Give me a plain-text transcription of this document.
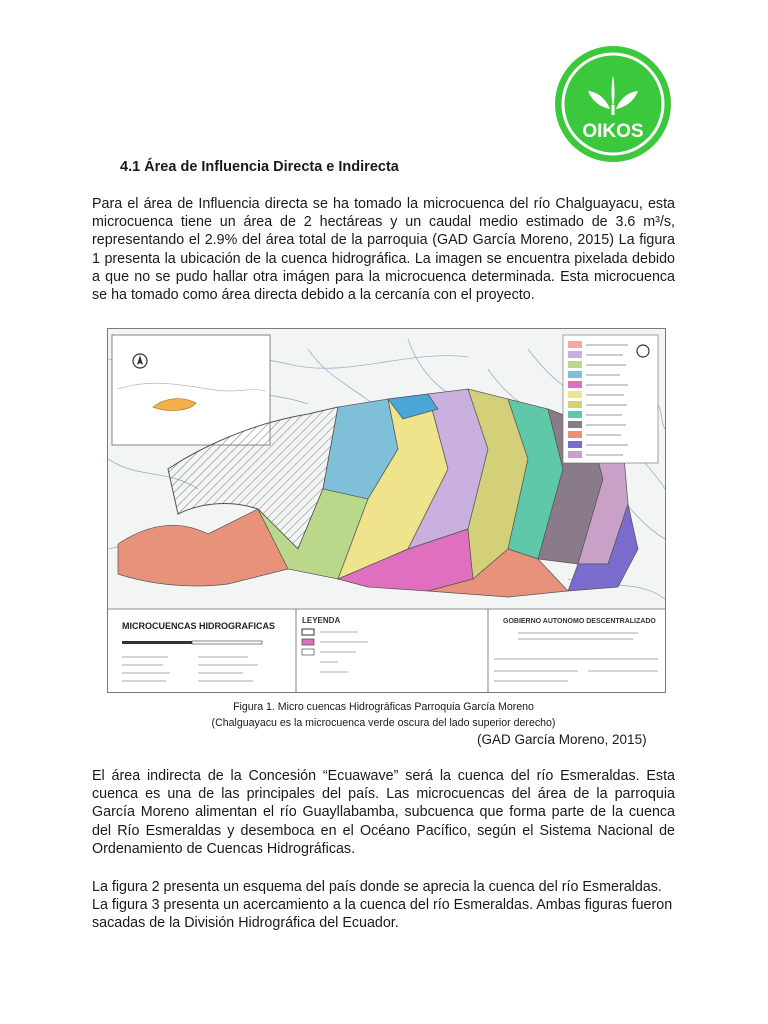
OIKOS
4.1 Área de Influencia Directa e Indirecta

Para el área de Influencia directa se ha tomado la microcuenca del río Chalguayacu, esta microcuenca tiene un área de 2 hectáreas y un caudal medio estimado de 3.6 m³/s, representando el 2.9% del área total de la parroquia (GAD García Moreno, 2015) La figura 1 presenta la ubicación de la cuenca hidrográfica. La imagen se encuentra pixelada debido a que no se pudo hallar otra imágen para la microcuenca determinada. Esta microcuenca se ha tomado como área directa debido a la cercanía con el proyecto.

LEYENDA
MICROCUENCAS HIDROGRAFICAS	GOBIERNO AUTONOMO DESCENTRALIZADO

Figura 1. Micro cuencas Hidrográficas Parroquia García Moreno

(Chalguayacu es la microcuenca verde oscura del lado superior derecho)

(GAD García Moreno, 2015)

El área indirecta de la Concesión “Ecuawave” será la cuenca del río Esmeraldas. Esta cuenca es una de las principales del país. Las microcuencas del área de la parroquia García Moreno alimentan el río Guayllabamba, subcuenca que forma parte de la cuenca del Río Esmeraldas y desemboca en el Océano Pacífico, según el Sistema Nacional de Ordenamiento de Cuencas Hidrográficas.

La figura 2 presenta un esquema del país donde se aprecia la cuenca del río Esmeraldas.
La figura 3 presenta un acercamiento a la cuenca del río Esmeraldas. Ambas figuras fueron sacadas de la División Hidrográfica del Ecuador.
